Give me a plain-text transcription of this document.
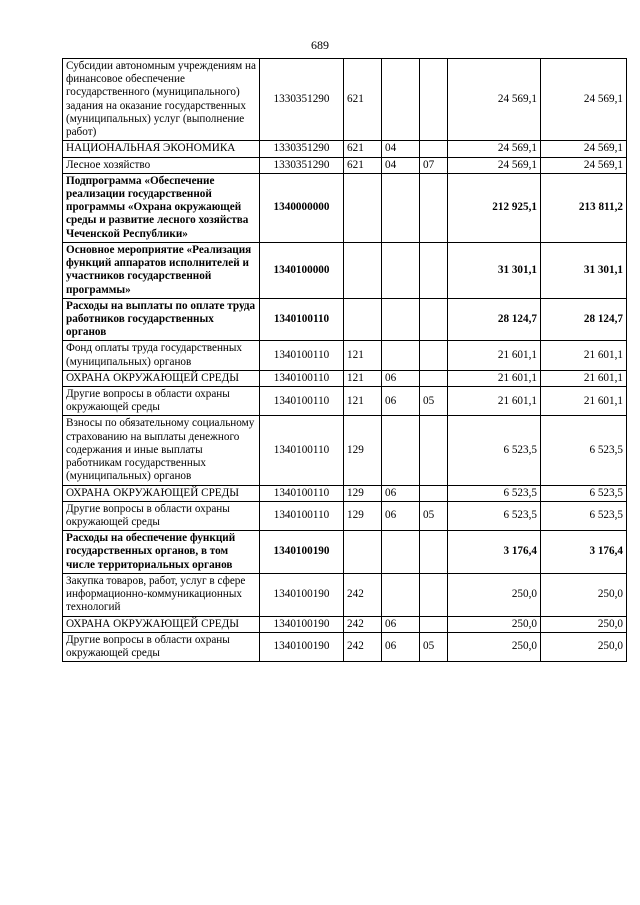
689
Субсидии автономным учреждениям на финансовое обеспечение государственного (муниципального) задания на оказание государственных (муниципальных) услуг (выполнение работ)	1330351290	621			24 569,1	24 569,1
НАЦИОНАЛЬНАЯ ЭКОНОМИКА	1330351290	621	04		24 569,1	24 569,1
Лесное хозяйство	1330351290	621	04	07	24 569,1	24 569,1
Подпрограмма «Обеспечение реализации государственной программы «Охрана окружающей среды и развитие лесного хозяйства Чеченской Республики»	1340000000				212 925,1	213 811,2
Основное мероприятие «Реализация функций аппаратов исполнителей и участников государственной программы»	1340100000				31 301,1	31 301,1
Расходы на выплаты по оплате труда работников государственных органов	1340100110				28 124,7	28 124,7
Фонд оплаты труда государственных (муниципальных) органов	1340100110	121			21 601,1	21 601,1
ОХРАНА ОКРУЖАЮЩЕЙ СРЕДЫ	1340100110	121	06		21 601,1	21 601,1
Другие вопросы в области охраны окружающей среды	1340100110	121	06	05	21 601,1	21 601,1
Взносы по обязательному социальному страхованию на выплаты денежного содержания и иные выплаты работникам государственных (муниципальных) органов	1340100110	129			6 523,5	6 523,5
ОХРАНА ОКРУЖАЮЩЕЙ СРЕДЫ	1340100110	129	06		6 523,5	6 523,5
Другие вопросы в области охраны окружающей среды	1340100110	129	06	05	6 523,5	6 523,5
Расходы на обеспечение функций государственных органов, в том числе территориальных органов	1340100190				3 176,4	3 176,4
Закупка товаров, работ, услуг в сфере информационно-коммуникационных технологий	1340100190	242			250,0	250,0
ОХРАНА ОКРУЖАЮЩЕЙ СРЕДЫ	1340100190	242	06		250,0	250,0
Другие вопросы в области охраны окружающей среды	1340100190	242	06	05	250,0	250,0
